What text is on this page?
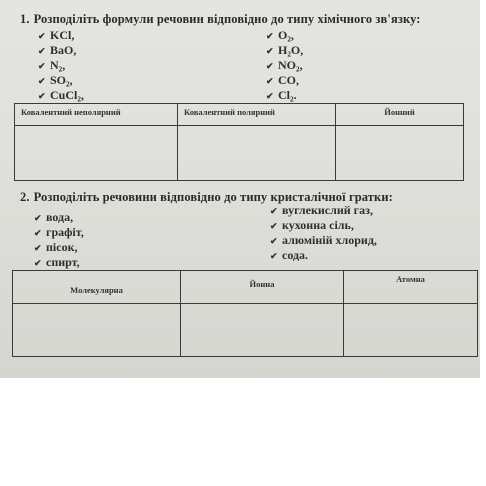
1. Розподіліть формули речовин відповідно до типу хімічного зв'язку:
✔ KCl,
✔ BaO,
✔ N₂,
✔ SO₂,
✔ CuCl₂,
✔ O₂,
✔ H₂O,
✔ NO₂,
✔ CO,
✔ Cl₂.
Ковалентний неполярний	Ковалентний полярний	Йонний

2. Розподіліть речовини відповідно до типу кристалічної гратки:
✔ вода,
✔ графіт,
✔ пісок,
✔ спирт,
✔ вуглекислий газ,
✔ кухонна сіль,
✔ алюміній хлорид,
✔ сода.
Молекулярна	Йонна	Атомна
